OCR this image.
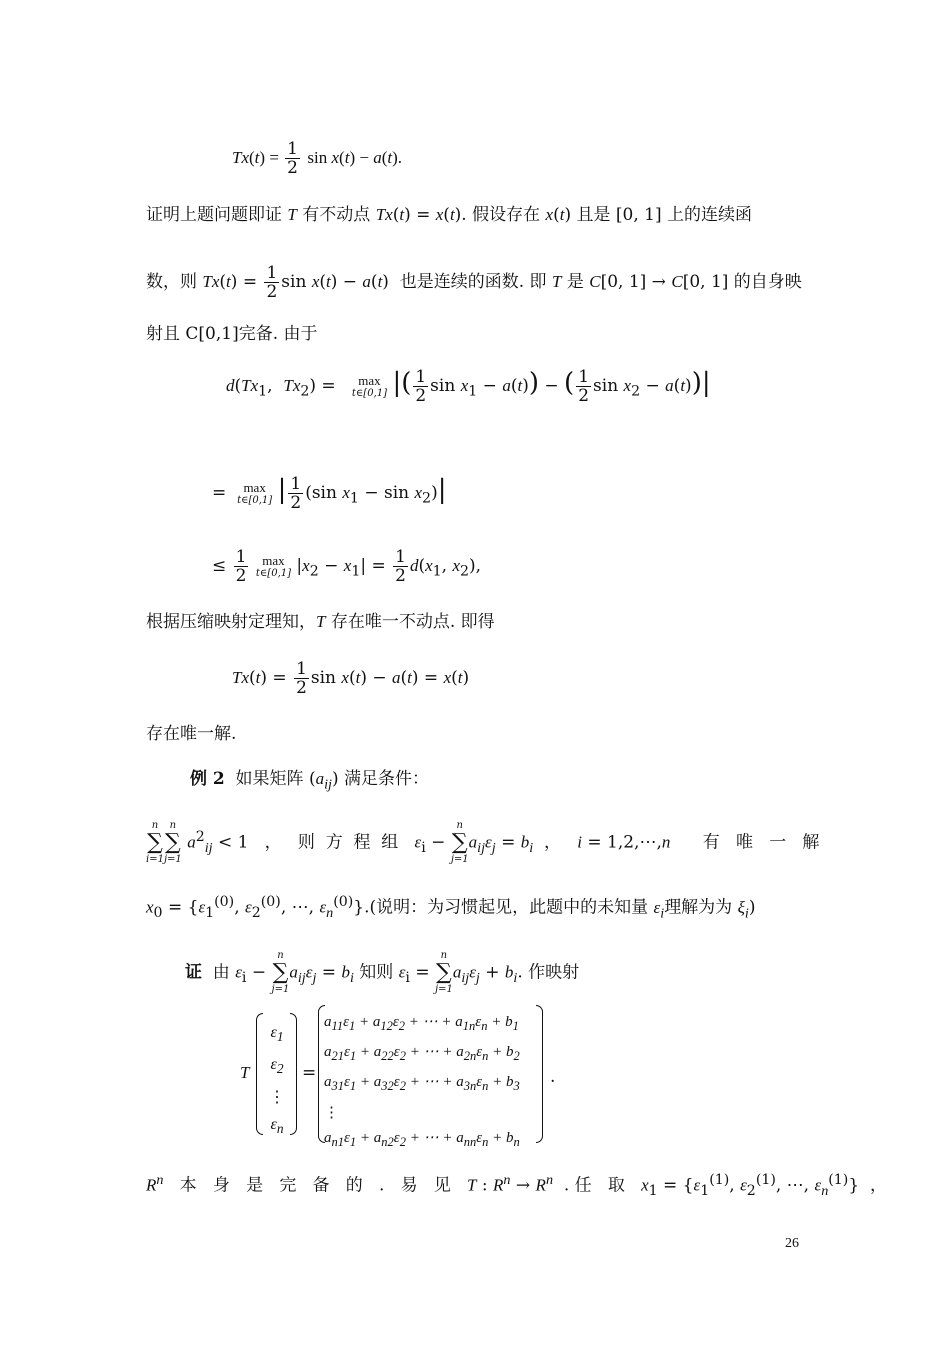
$Tx(t) = \frac{1}{2}$ sin x(t) − a(t).
证明上题问题即证 T 有不动点 Tx(t) = x(t). 假设存在 x(t) 且是 [0, 1] 上的连续函
数，则 $Tx(t) = \frac{1}{2}$ sin x(t) − a(t)  也是连续的函数. 即 T 是 C[0, 1] → C[0, 1] 的自身映
射且 C[0,1]完备. 由于
$d(Tx_1$,  $Tx_2) = \max$
t∈[0,1] |( $\frac{1}{2}$ $\sin x_1 - a(t)$) − ( $\frac{1}{2}$ $\sin x_2 - a(t))|$
= max
t∈[0,1] | $\frac{1}{2} (\sin$ $x_1 - \sin x_2)|$
≤ $\frac{1}{2}$
	max
t∈[0,1] $|x_2 - x_1| = \frac{1}{2} d(x_1$, $x_2$),
根据压缩映射定理知，T 存在唯一不动点. 即得
$Tx(t) = \frac{1}{2}$ sin x(t) − a(t) = x(t)
存在唯一解.
例 2  如果矩阵 $(a_{ij})$ 满足条件：
n
∑
i=1
n
∑
j=1
$a^2_{ij} < 1$   ，   则  方  程  组   $\varepsilon_i$ −
n
∑
j=1
$a_{ij}\varepsilon_j = b_i$  ，   i = 1,2,⋯,n      有   唯   一   解
$x_0 = \{\varepsilon_1^{(0)}$, $\varepsilon_2^{(0)}$, ⋯, $\varepsilon_n^{(0)}$}.(说明：为习惯起见，此题中的未知量 $\varepsilon_i$理解为为 $\xi_i$)
证  由 $\varepsilon_i$ −
n
∑
j=1
$a_{ij}\varepsilon_j = b_i$ 知则 $\varepsilon_i$ =
n
∑
j=1
$a_{ij}\varepsilon_j + b_i$. 作映射
T
$\varepsilon_1$
$\varepsilon_2$
⋮
$\varepsilon_n$
=
$a_{11}\varepsilon_1 + a_{12}\varepsilon_2$ + ⋯ + $a_{1n}\varepsilon_n + b_1$
$a_{21}\varepsilon_1 + a_{22}\varepsilon_2$ + ⋯ + $a_{2n}\varepsilon_n + b_2$
$a_{31}\varepsilon_1 + a_{32}\varepsilon_2$ + ⋯ + $a_{3n}\varepsilon_n + b_3$
⋮
$a_{n1}\varepsilon_1 + a_{n2}\varepsilon_2$ + ⋯ + $a_{nn}\varepsilon_n + b_n$
.
$R^n$   本   身   是   完   备   的   .   易   见   T : $R^n \to R^n$  . 任   取   $x_1 = \{\varepsilon_1^{(1)}$, $\varepsilon_2^{(1)}$, ⋯, $\varepsilon_n^{(1)}$}  ，
26
